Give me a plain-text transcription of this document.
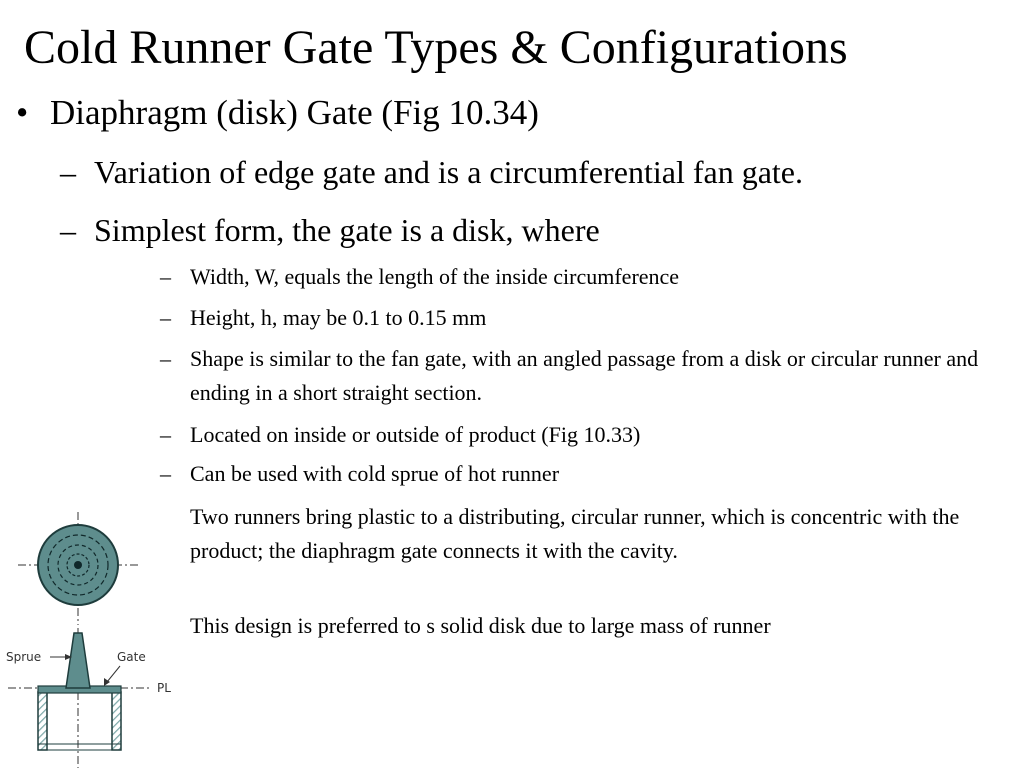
Cold Runner Gate Types & Configurations
• Diaphragm (disk) Gate (Fig 10.34)
– Variation of edge gate and is a circumferential fan gate.
– Simplest form, the gate is a disk, where
– Width, W, equals the length of the inside circumference
– Height, h, may be 0.1 to 0.15 mm
– Shape is similar to the fan gate, with an angled passage from a disk or circular runner and ending in a short straight section.
– Located on inside or outside of product (Fig 10.33)
– Can be used with cold sprue of hot runner
Two runners bring plastic to a distributing, circular runner, which is concentric with the product; the diaphragm gate connects it with the cavity.
This design is preferred to s solid disk due to large mass of runner
Sprue	Gate
PL
